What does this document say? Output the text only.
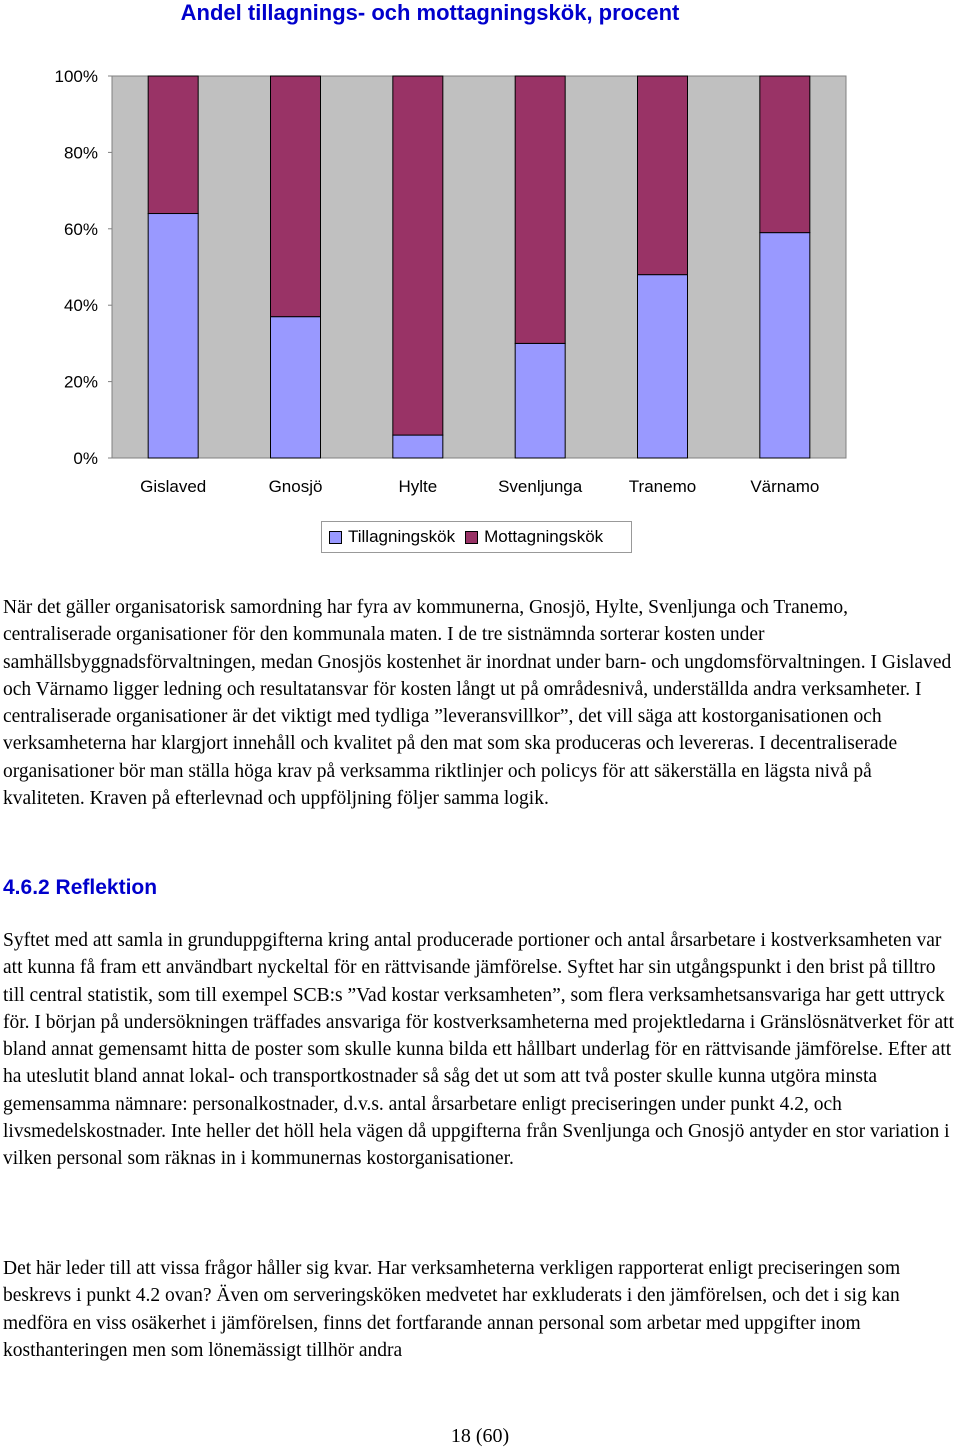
Andel tillagnings- och mottagningskök, procent
0%
20%
40%
60%
80%
100%
Gislaved	Gnosjö	Hylte	Svenljunga	Tranemo	Värnamo
Tillagningskök Mottagningskök

När det gäller organisatorisk samordning har fyra av kommunerna, Gnosjö, Hylte, Svenljunga och Tranemo, centraliserade organisationer för den kommunala maten. I de tre sistnämnda sorterar kosten under samhällsbyggnadsförvaltningen, medan Gnosjös kostenhet är inordnat under barn- och ungdomsförvaltningen. I Gislaved och Värnamo ligger ledning och resultatansvar för kosten långt ut på områdesnivå, underställda andra verksamheter. I centraliserade organisationer är det viktigt med tydliga ”leveransvillkor”, det vill säga att kostorganisationen och verksamheterna har klargjort innehåll och kvalitet på den mat som ska produceras och levereras. I decentraliserade organisationer bör man ställa höga krav på verksamma riktlinjer och policys för att säkerställa en lägsta nivå på kvaliteten. Kraven på efterlevnad och uppföljning följer samma logik.

4.6.2 Reflektion

Syftet med att samla in grunduppgifterna kring antal producerade portioner och antal årsarbetare i kostverksamheten var att kunna få fram ett användbart nyckeltal för en rättvisande jämförelse. Syftet har sin utgångspunkt i den brist på tilltro till central statistik, som till exempel SCB:s ”Vad kostar verksamheten”, som flera verksamhetsansvariga har gett uttryck för. I början på undersökningen träffades ansvariga för kostverksamheterna med projektledarna i Gränslösnätverket för att bland annat gemensamt hitta de poster som skulle kunna bilda ett hållbart underlag för en rättvisande jämförelse. Efter att ha uteslutit bland annat lokal- och transportkostnader så såg det ut som att två poster skulle kunna utgöra minsta gemensamma nämnare: personalkostnader, d.v.s. antal årsarbetare enligt preciseringen under punkt 4.2, och livsmedelskostnader. Inte heller det höll hela vägen då uppgifterna från Svenljunga och Gnosjö antyder en stor variation i vilken personal som räknas in i kommunernas kostorganisationer.

Det här leder till att vissa frågor håller sig kvar. Har verksamheterna verkligen rapporterat enligt preciseringen som beskrevs i punkt 4.2 ovan? Även om serveringsköken medvetet har exkluderats i den jämförelsen, och det i sig kan medföra en viss osäkerhet i jämförelsen, finns det fortfarande annan personal som arbetar med uppgifter inom kosthanteringen men som lönemässigt tillhör andra

18 (60)
